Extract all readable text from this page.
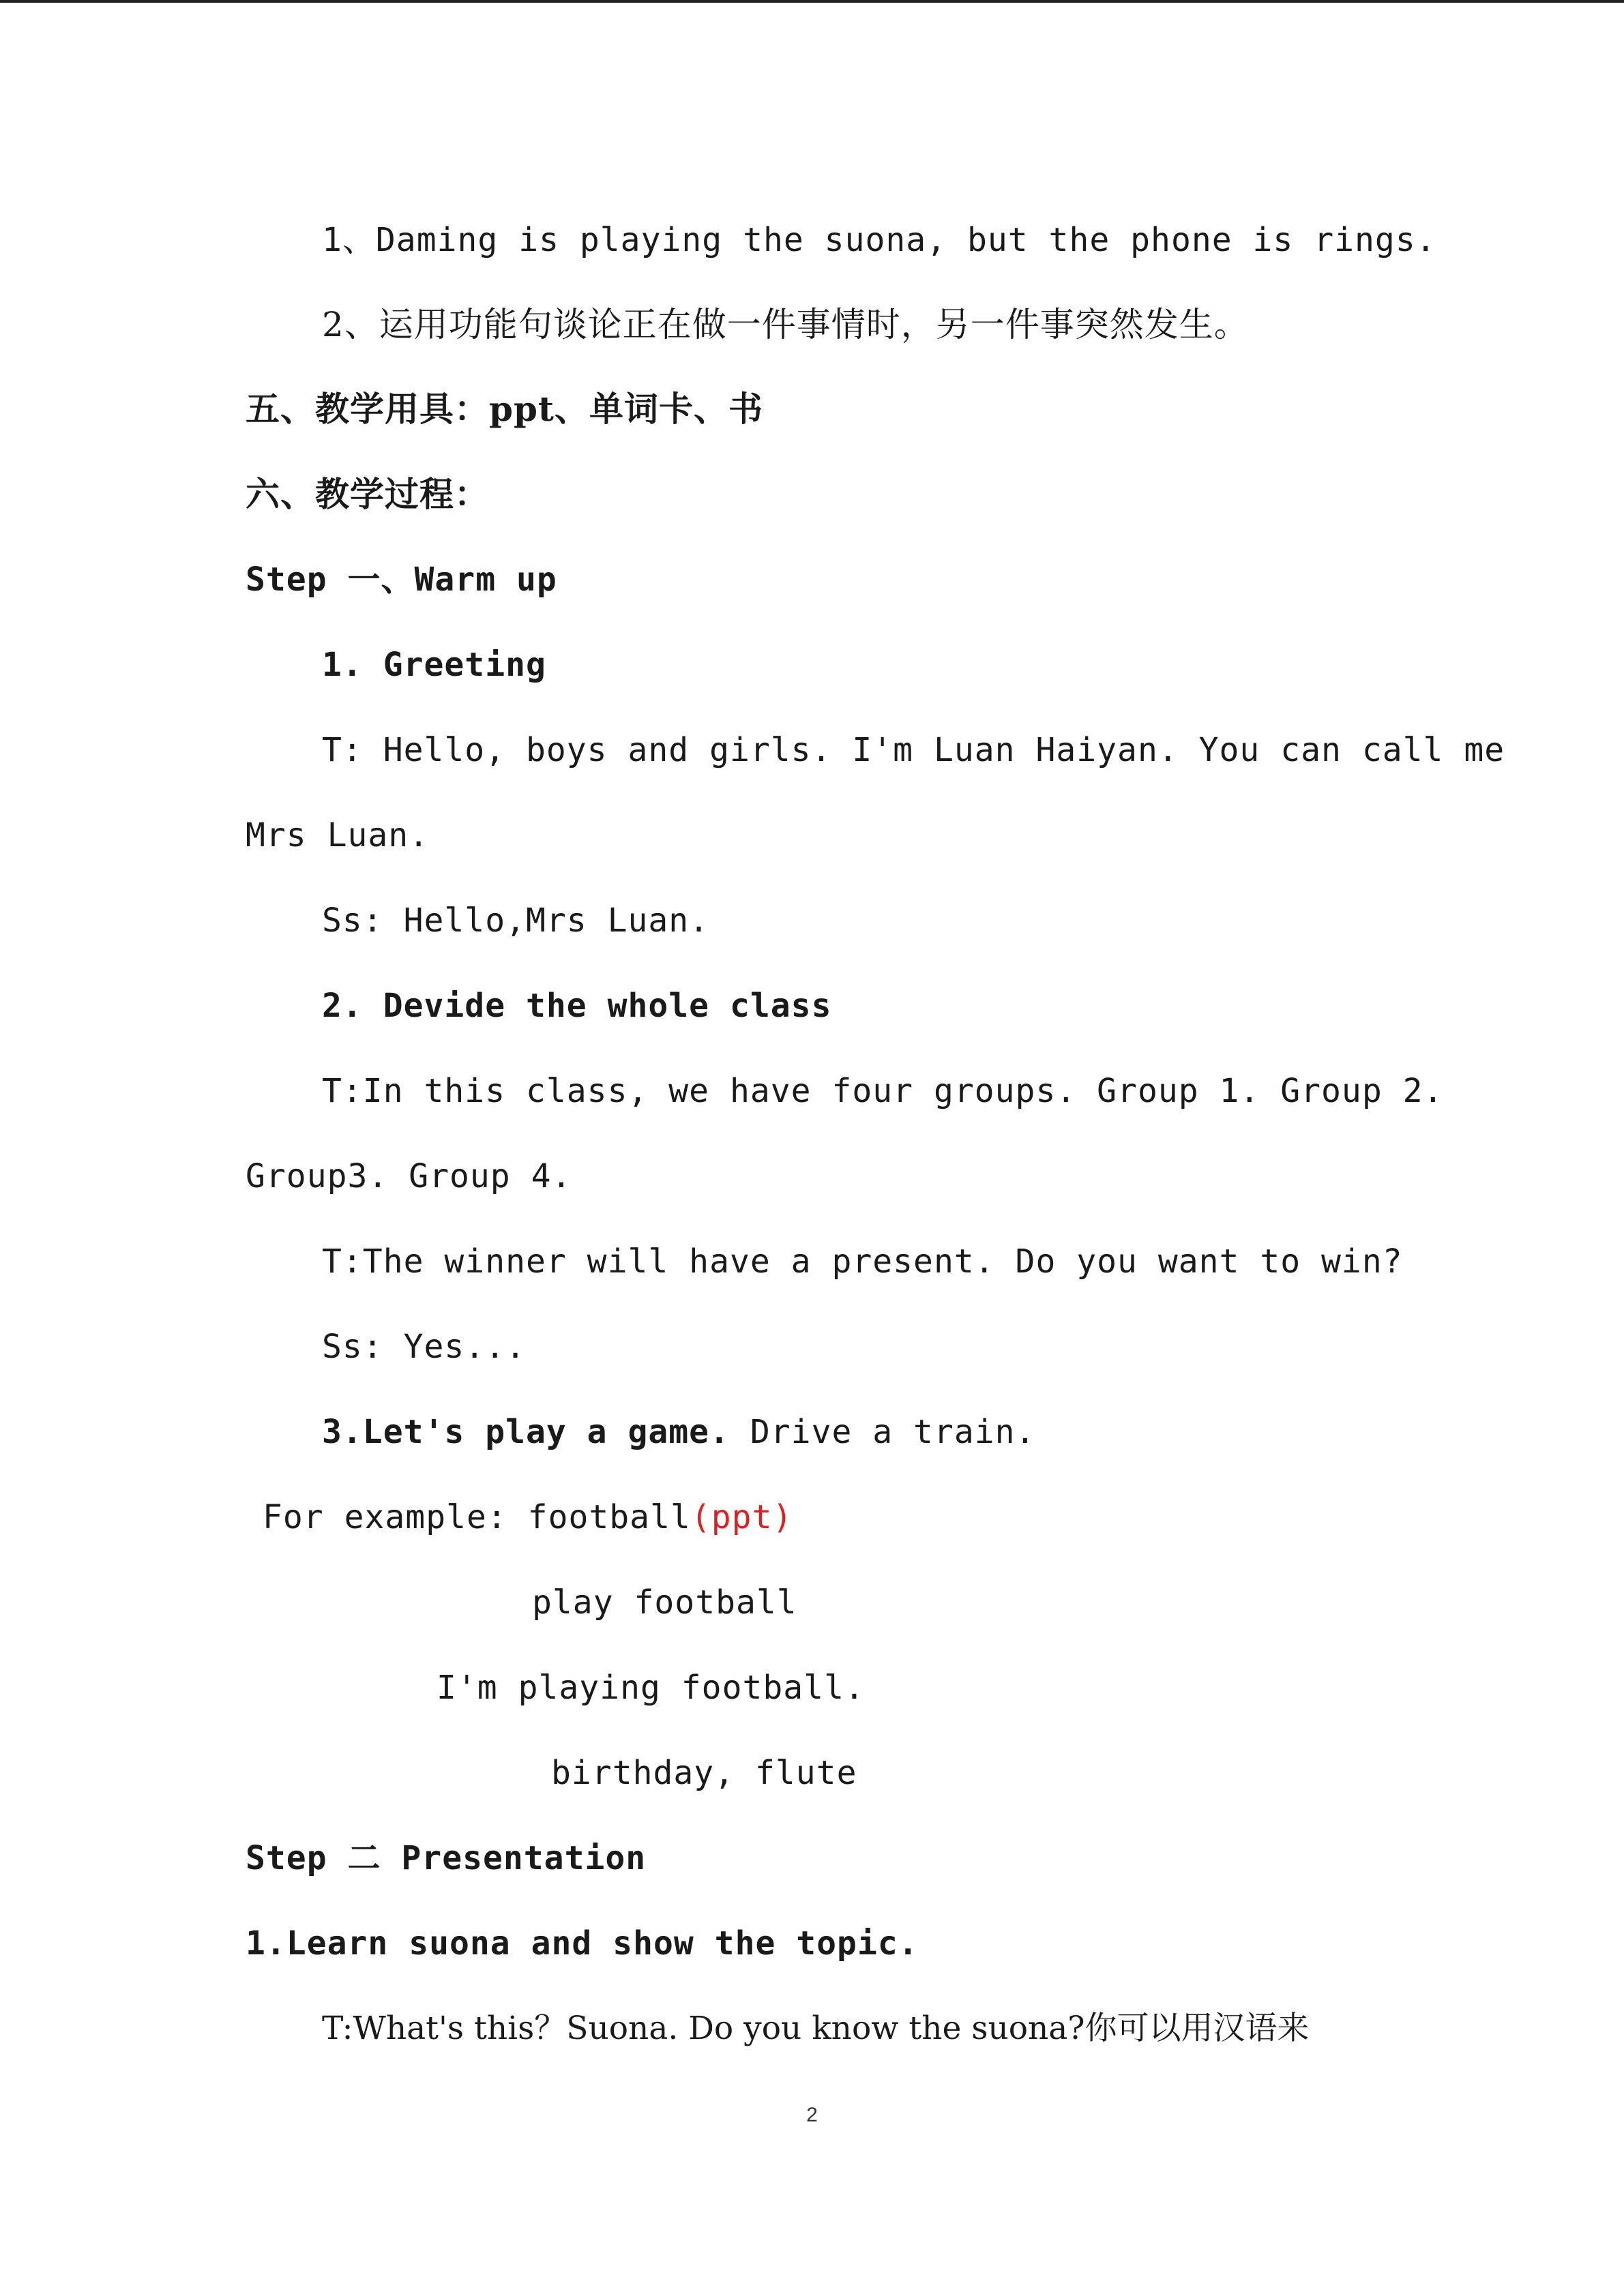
1、Daming is playing the suona, but the phone is rings.
2、运用功能句谈论正在做一件事情时，另一件事突然发生。
五、教学用具：ppt、单词卡、书
六、教学过程：
Step 一、Warm up
1. Greeting
T: Hello, boys and girls. I'm Luan Haiyan. You can call me
Mrs Luan.
Ss: Hello,Mrs Luan.
2. Devide the whole class
T:In this class, we have four groups. Group 1. Group 2.
Group3. Group 4.
T:The winner will have a present. Do you want to win?
Ss: Yes...
3.Let's play a game. Drive a train.
For example: football(ppt)
play football
I'm playing football.
birthday, flute
Step 二 Presentation
1.Learn suona and show the topic.
T:What's this？Suona. Do you know the suona?你可以用汉语来
2
